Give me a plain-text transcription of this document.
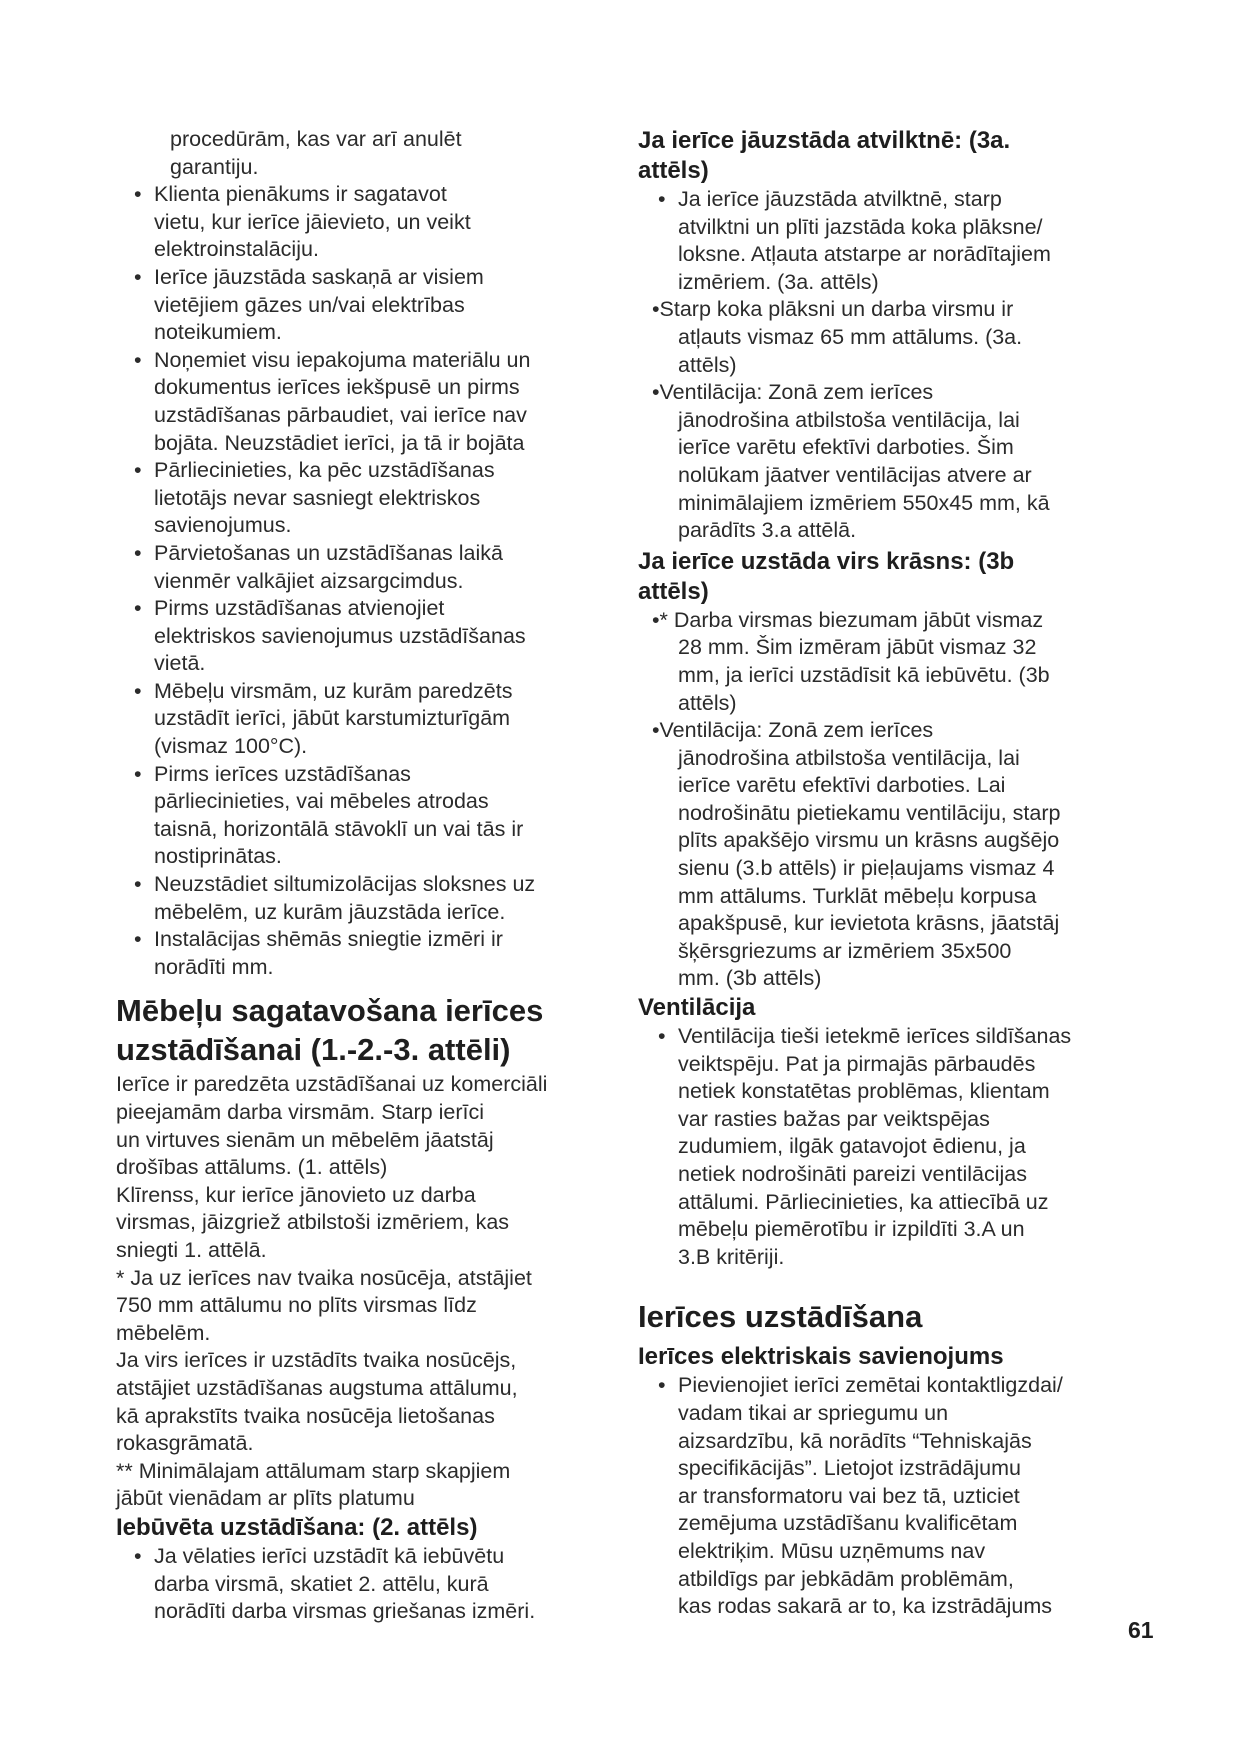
procedūrām, kas var arī anulēt
garantiju.
• Klienta pienākums ir sagatavot
vietu, kur ierīce jāievieto, un veikt
elektroinstalāciju.
• Ierīce jāuzstāda saskaņā ar visiem
vietējiem gāzes un/vai elektrības
noteikumiem.
• Noņemiet visu iepakojuma materiālu un
dokumentus ierīces iekšpusē un pirms
uzstādīšanas pārbaudiet, vai ierīce nav
bojāta. Neuzstādiet ierīci, ja tā ir bojāta
• Pārliecinieties, ka pēc uzstādīšanas
lietotājs nevar sasniegt elektriskos
savienojumus.
• Pārvietošanas un uzstādīšanas laikā
vienmēr valkājiet aizsargcimdus.
• Pirms uzstādīšanas atvienojiet
elektriskos savienojumus uzstādīšanas
vietā.
• Mēbeļu virsmām, uz kurām paredzēts
uzstādīt ierīci, jābūt karstumizturīgām
(vismaz 100°C).
• Pirms ierīces uzstādīšanas
pārliecinieties, vai mēbeles atrodas
taisnā, horizontālā stāvoklī un vai tās ir
nostiprinātas.
• Neuzstādiet siltumizolācijas sloksnes uz
mēbelēm, uz kurām jāuzstāda ierīce.
• Instalācijas shēmās sniegtie izmēri ir
norādīti mm.
Mēbeļu sagatavošana ierīces
uzstādīšanai (1.-2.-3. attēli)
Ierīce ir paredzēta uzstādīšanai uz komerciāli
pieejamām darba virsmām. Starp ierīci
un virtuves sienām un mēbelēm jāatstāj
drošības attālums. (1. attēls)
Klīrenss, kur ierīce jānovieto uz darba
virsmas, jāizgriež atbilstoši izmēriem, kas
sniegti 1. attēlā.
* Ja uz ierīces nav tvaika nosūcēja, atstājiet
750 mm attālumu no plīts virsmas līdz
mēbelēm.
Ja virs ierīces ir uzstādīts tvaika nosūcējs,
atstājiet uzstādīšanas augstuma attālumu,
kā aprakstīts tvaika nosūcēja lietošanas
rokasgrāmatā.
** Minimālajam attālumam starp skapjiem
jābūt vienādam ar plīts platumu
Iebūvēta uzstādīšana: (2. attēls)
• Ja vēlaties ierīci uzstādīt kā iebūvētu
darba virsmā, skatiet 2. attēlu, kurā
norādīti darba virsmas griešanas izmēri.
Ja ierīce jāuzstāda atvilktnē: (3a.
attēls)
• Ja ierīce jāuzstāda atvilktnē, starp
atvilktni un plīti jazstāda koka plāksne/
loksne. Atļauta atstarpe ar norādītajiem
izmēriem. (3a. attēls)
•Starp koka plāksni un darba virsmu ir
atļauts vismaz 65 mm attālums. (3a.
attēls)
•Ventilācija: Zonā zem ierīces
jānodrošina atbilstoša ventilācija, lai
ierīce varētu efektīvi darboties. Šim
nolūkam jāatver ventilācijas atvere ar
minimālajiem izmēriem 550x45 mm, kā
parādīts 3.a attēlā.
Ja ierīce uzstāda virs krāsns: (3b
attēls)
•* Darba virsmas biezumam jābūt vismaz
28 mm. Šim izmēram jābūt vismaz 32
mm, ja ierīci uzstādīsit kā iebūvētu. (3b
attēls)
•Ventilācija: Zonā zem ierīces
jānodrošina atbilstoša ventilācija, lai
ierīce varētu efektīvi darboties. Lai
nodrošinātu pietiekamu ventilāciju, starp
plīts apakšējo virsmu un krāsns augšējo
sienu (3.b attēls) ir pieļaujams vismaz 4
mm attālums. Turklāt mēbeļu korpusa
apakšpusē, kur ievietota krāsns, jāatstāj
šķērsgriezums ar izmēriem 35x500
mm. (3b attēls)
Ventilācija
• Ventilācija tieši ietekmē ierīces sildīšanas
veiktspēju. Pat ja pirmajās pārbaudēs
netiek konstatētas problēmas, klientam
var rasties bažas par veiktspējas
zudumiem, ilgāk gatavojot ēdienu, ja
netiek nodrošināti pareizi ventilācijas
attālumi. Pārliecinieties, ka attiecībā uz
mēbeļu piemērotību ir izpildīti 3.A un
3.B kritēriji.
Ierīces uzstādīšana
Ierīces elektriskais savienojums
• Pievienojiet ierīci zemētai kontaktligzdai/
vadam tikai ar spriegumu un
aizsardzību, kā norādīts “Tehniskajās
specifikācijās”. Lietojot izstrādājumu
ar transformatoru vai bez tā, uzticiet
zemējuma uzstādīšanu kvalificētam
elektriķim. Mūsu uzņēmums nav
atbildīgs par jebkādām problēmām,
kas rodas sakarā ar to, ka izstrādājums
61
